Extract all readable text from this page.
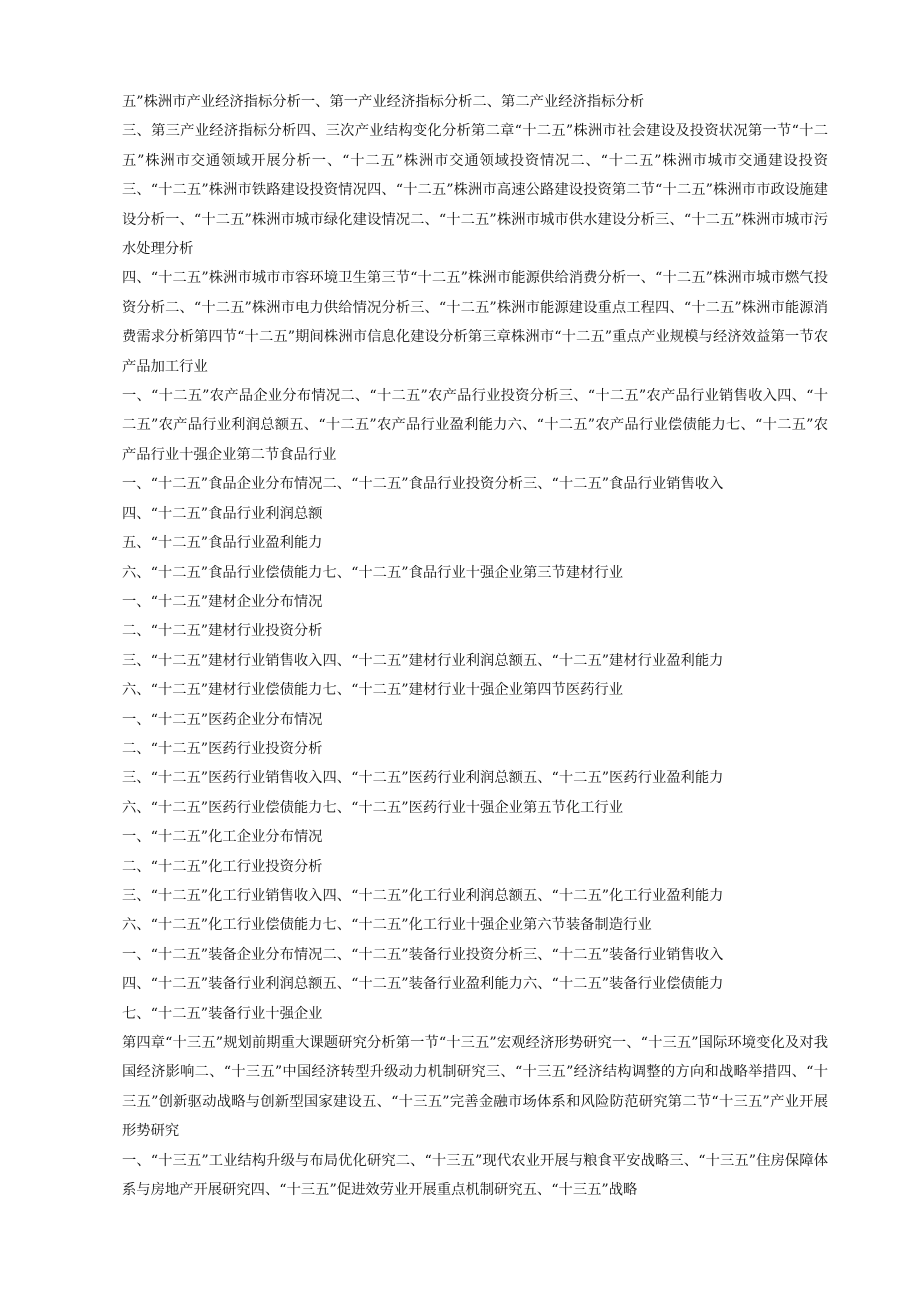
五”株洲市产业经济指标分析一、第一产业经济指标分析二、第二产业经济指标分析

三、第三产业经济指标分析四、三次产业结构变化分析第二章“十二五”株洲市社会建设及投资状况第一节“十二五”株洲市交通领域开展分析一、“十二五”株洲市交通领域投资情况二、“十二五”株洲市城市交通建设投资三、“十二五”株洲市铁路建设投资情况四、“十二五”株洲市高速公路建设投资第二节“十二五”株洲市市政设施建设分析一、“十二五”株洲市城市绿化建设情况二、“十二五”株洲市城市供水建设分析三、“十二五”株洲市城市污水处理分析

四、“十二五”株洲市城市市容环境卫生第三节“十二五”株洲市能源供给消费分析一、“十二五”株洲市城市燃气投资分析二、“十二五”株洲市电力供给情况分析三、“十二五”株洲市能源建设重点工程四、“十二五”株洲市能源消费需求分析第四节“十二五”期间株洲市信息化建设分析第三章株洲市“十二五”重点产业规模与经济效益第一节农产品加工行业

一、“十二五”农产品企业分布情况二、“十二五”农产品行业投资分析三、“十二五”农产品行业销售收入四、“十二五”农产品行业利润总额五、“十二五”农产品行业盈利能力六、“十二五”农产品行业偿债能力七、“十二五”农产品行业十强企业第二节食品行业

一、“十二五”食品企业分布情况二、“十二五”食品行业投资分析三、“十二五”食品行业销售收入

四、“十二五”食品行业利润总额

五、“十二五”食品行业盈利能力

六、“十二五”食品行业偿债能力七、“十二五”食品行业十强企业第三节建材行业

一、“十二五”建材企业分布情况

二、“十二五”建材行业投资分析

三、“十二五”建材行业销售收入四、“十二五”建材行业利润总额五、“十二五”建材行业盈利能力

六、“十二五”建材行业偿债能力七、“十二五”建材行业十强企业第四节医药行业

一、“十二五”医药企业分布情况

二、“十二五”医药行业投资分析

三、“十二五”医药行业销售收入四、“十二五”医药行业利润总额五、“十二五”医药行业盈利能力

六、“十二五”医药行业偿债能力七、“十二五”医药行业十强企业第五节化工行业

一、“十二五”化工企业分布情况

二、“十二五”化工行业投资分析

三、“十二五”化工行业销售收入四、“十二五”化工行业利润总额五、“十二五”化工行业盈利能力

六、“十二五”化工行业偿债能力七、“十二五”化工行业十强企业第六节装备制造行业

一、“十二五”装备企业分布情况二、“十二五”装备行业投资分析三、“十二五”装备行业销售收入

四、“十二五”装备行业利润总额五、“十二五”装备行业盈利能力六、“十二五”装备行业偿债能力

七、“十二五”装备行业十强企业

第四章“十三五”规划前期重大课题研究分析第一节“十三五”宏观经济形势研究一、“十三五”国际环境变化及对我国经济影响二、“十三五”中国经济转型升级动力机制研究三、“十三五”经济结构调整的方向和战略举措四、“十三五”创新驱动战略与创新型国家建设五、“十三五”完善金融市场体系和风险防范研究第二节“十三五”产业开展形势研究

一、“十三五”工业结构升级与布局优化研究二、“十三五”现代农业开展与粮食平安战略三、“十三五”住房保障体系与房地产开展研究四、“十三五”促进效劳业开展重点机制研究五、“十三五”战略
